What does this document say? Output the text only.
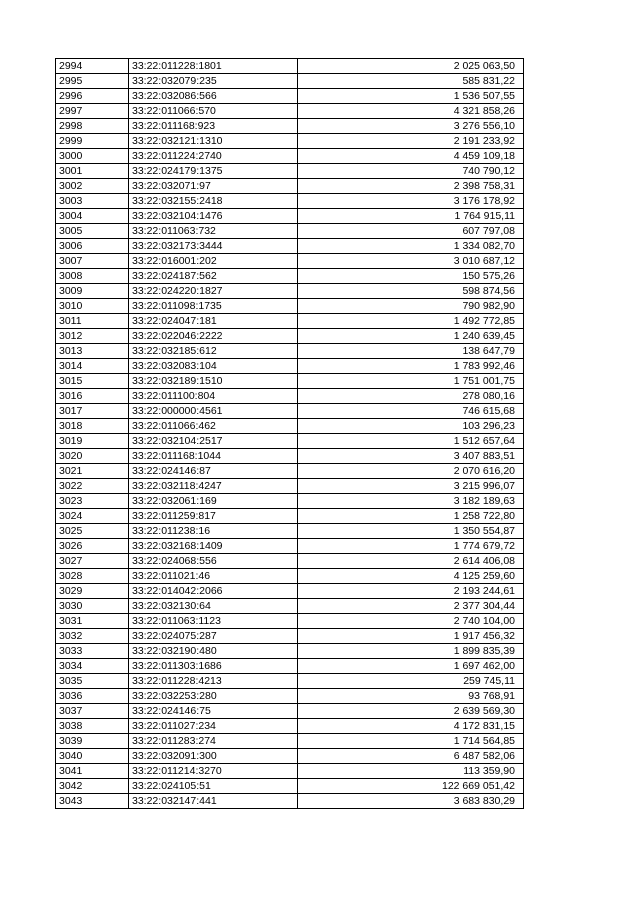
2994	33:22:011228:1801	2 025 063,50
2995	33:22:032079:235	585 831,22
2996	33:22:032086:566	1 536 507,55
2997	33:22:011066:570	4 321 858,26
2998	33:22:011168:923	3 276 556,10
2999	33:22:032121:1310	2 191 233,92
3000	33:22:011224:2740	4 459 109,18
3001	33:22:024179:1375	740 790,12
3002	33:22:032071:97	2 398 758,31
3003	33:22:032155:2418	3 176 178,92
3004	33:22:032104:1476	1 764 915,11
3005	33:22:011063:732	607 797,08
3006	33:22:032173:3444	1 334 082,70
3007	33:22:016001:202	3 010 687,12
3008	33:22:024187:562	150 575,26
3009	33:22:024220:1827	598 874,56
3010	33:22:011098:1735	790 982,90
3011	33:22:024047:181	1 492 772,85
3012	33:22:022046:2222	1 240 639,45
3013	33:22:032185:612	138 647,79
3014	33:22:032083:104	1 783 992,46
3015	33:22:032189:1510	1 751 001,75
3016	33:22:011100:804	278 080,16
3017	33:22:000000:4561	746 615,68
3018	33:22:011066:462	103 296,23
3019	33:22:032104:2517	1 512 657,64
3020	33:22:011168:1044	3 407 883,51
3021	33:22:024146:87	2 070 616,20
3022	33:22:032118:4247	3 215 996,07
3023	33:22:032061:169	3 182 189,63
3024	33:22:011259:817	1 258 722,80
3025	33:22:011238:16	1 350 554,87
3026	33:22:032168:1409	1 774 679,72
3027	33:22:024068:556	2 614 406,08
3028	33:22:011021:46	4 125 259,60
3029	33:22:014042:2066	2 193 244,61
3030	33:22:032130:64	2 377 304,44
3031	33:22:011063:1123	2 740 104,00
3032	33:22:024075:287	1 917 456,32
3033	33:22:032190:480	1 899 835,39
3034	33:22:011303:1686	1 697 462,00
3035	33:22:011228:4213	259 745,11
3036	33:22:032253:280	93 768,91
3037	33:22:024146:75	2 639 569,30
3038	33:22:011027:234	4 172 831,15
3039	33:22:011283:274	1 714 564,85
3040	33:22:032091:300	6 487 582,06
3041	33:22:011214:3270	113 359,90
3042	33:22:024105:51	122 669 051,42
3043	33:22:032147:441	3 683 830,29
